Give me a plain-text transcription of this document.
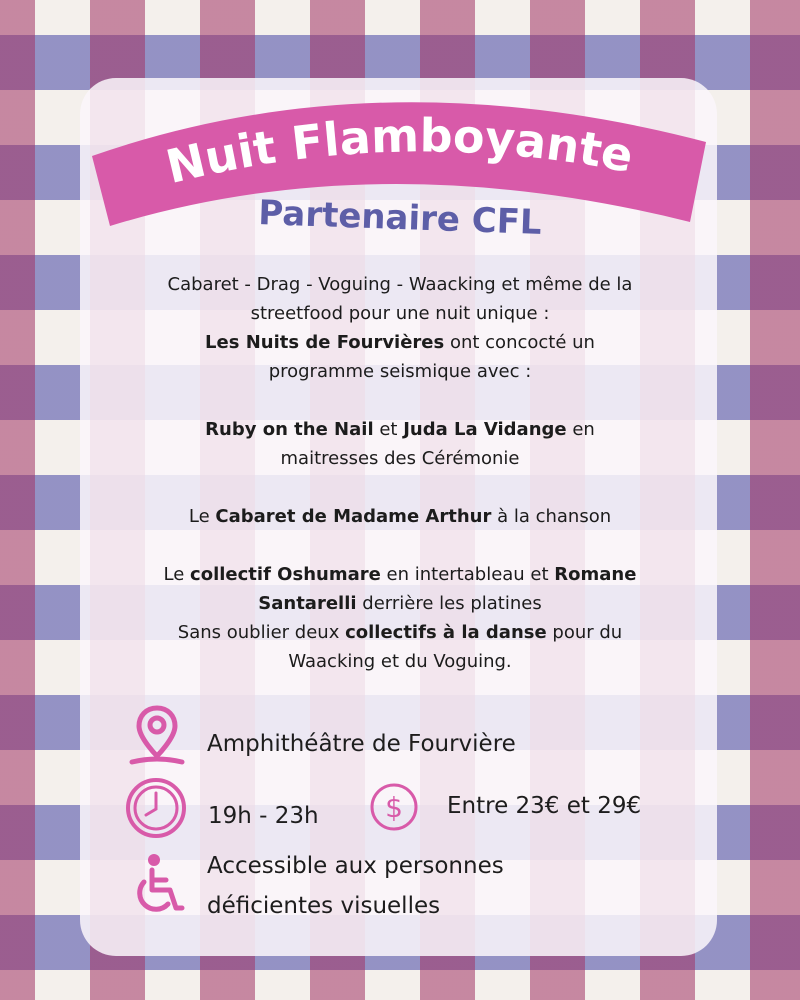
Nuit Flamboyante
Partenaire CFL

Cabaret - Drag - Voguing - Waacking et même de la

streetfood pour une nuit unique :

Les Nuits de Fourvières ont concocté un

programme seismique avec :

Ruby on the Nail et Juda La Vidange en

maitresses des Cérémonie

Le Cabaret de Madame Arthur à la chanson

Le collectif Oshumare en intertableau et Romane

Santarelli derrière les platines

Sans oublier deux collectifs à la danse pour du

Waacking et du Voguing.

Amphithéâtre de Fourvière
19h - 23h $ Entre 23€ et 29€
Accessible aux personnes
déficientes visuelles
